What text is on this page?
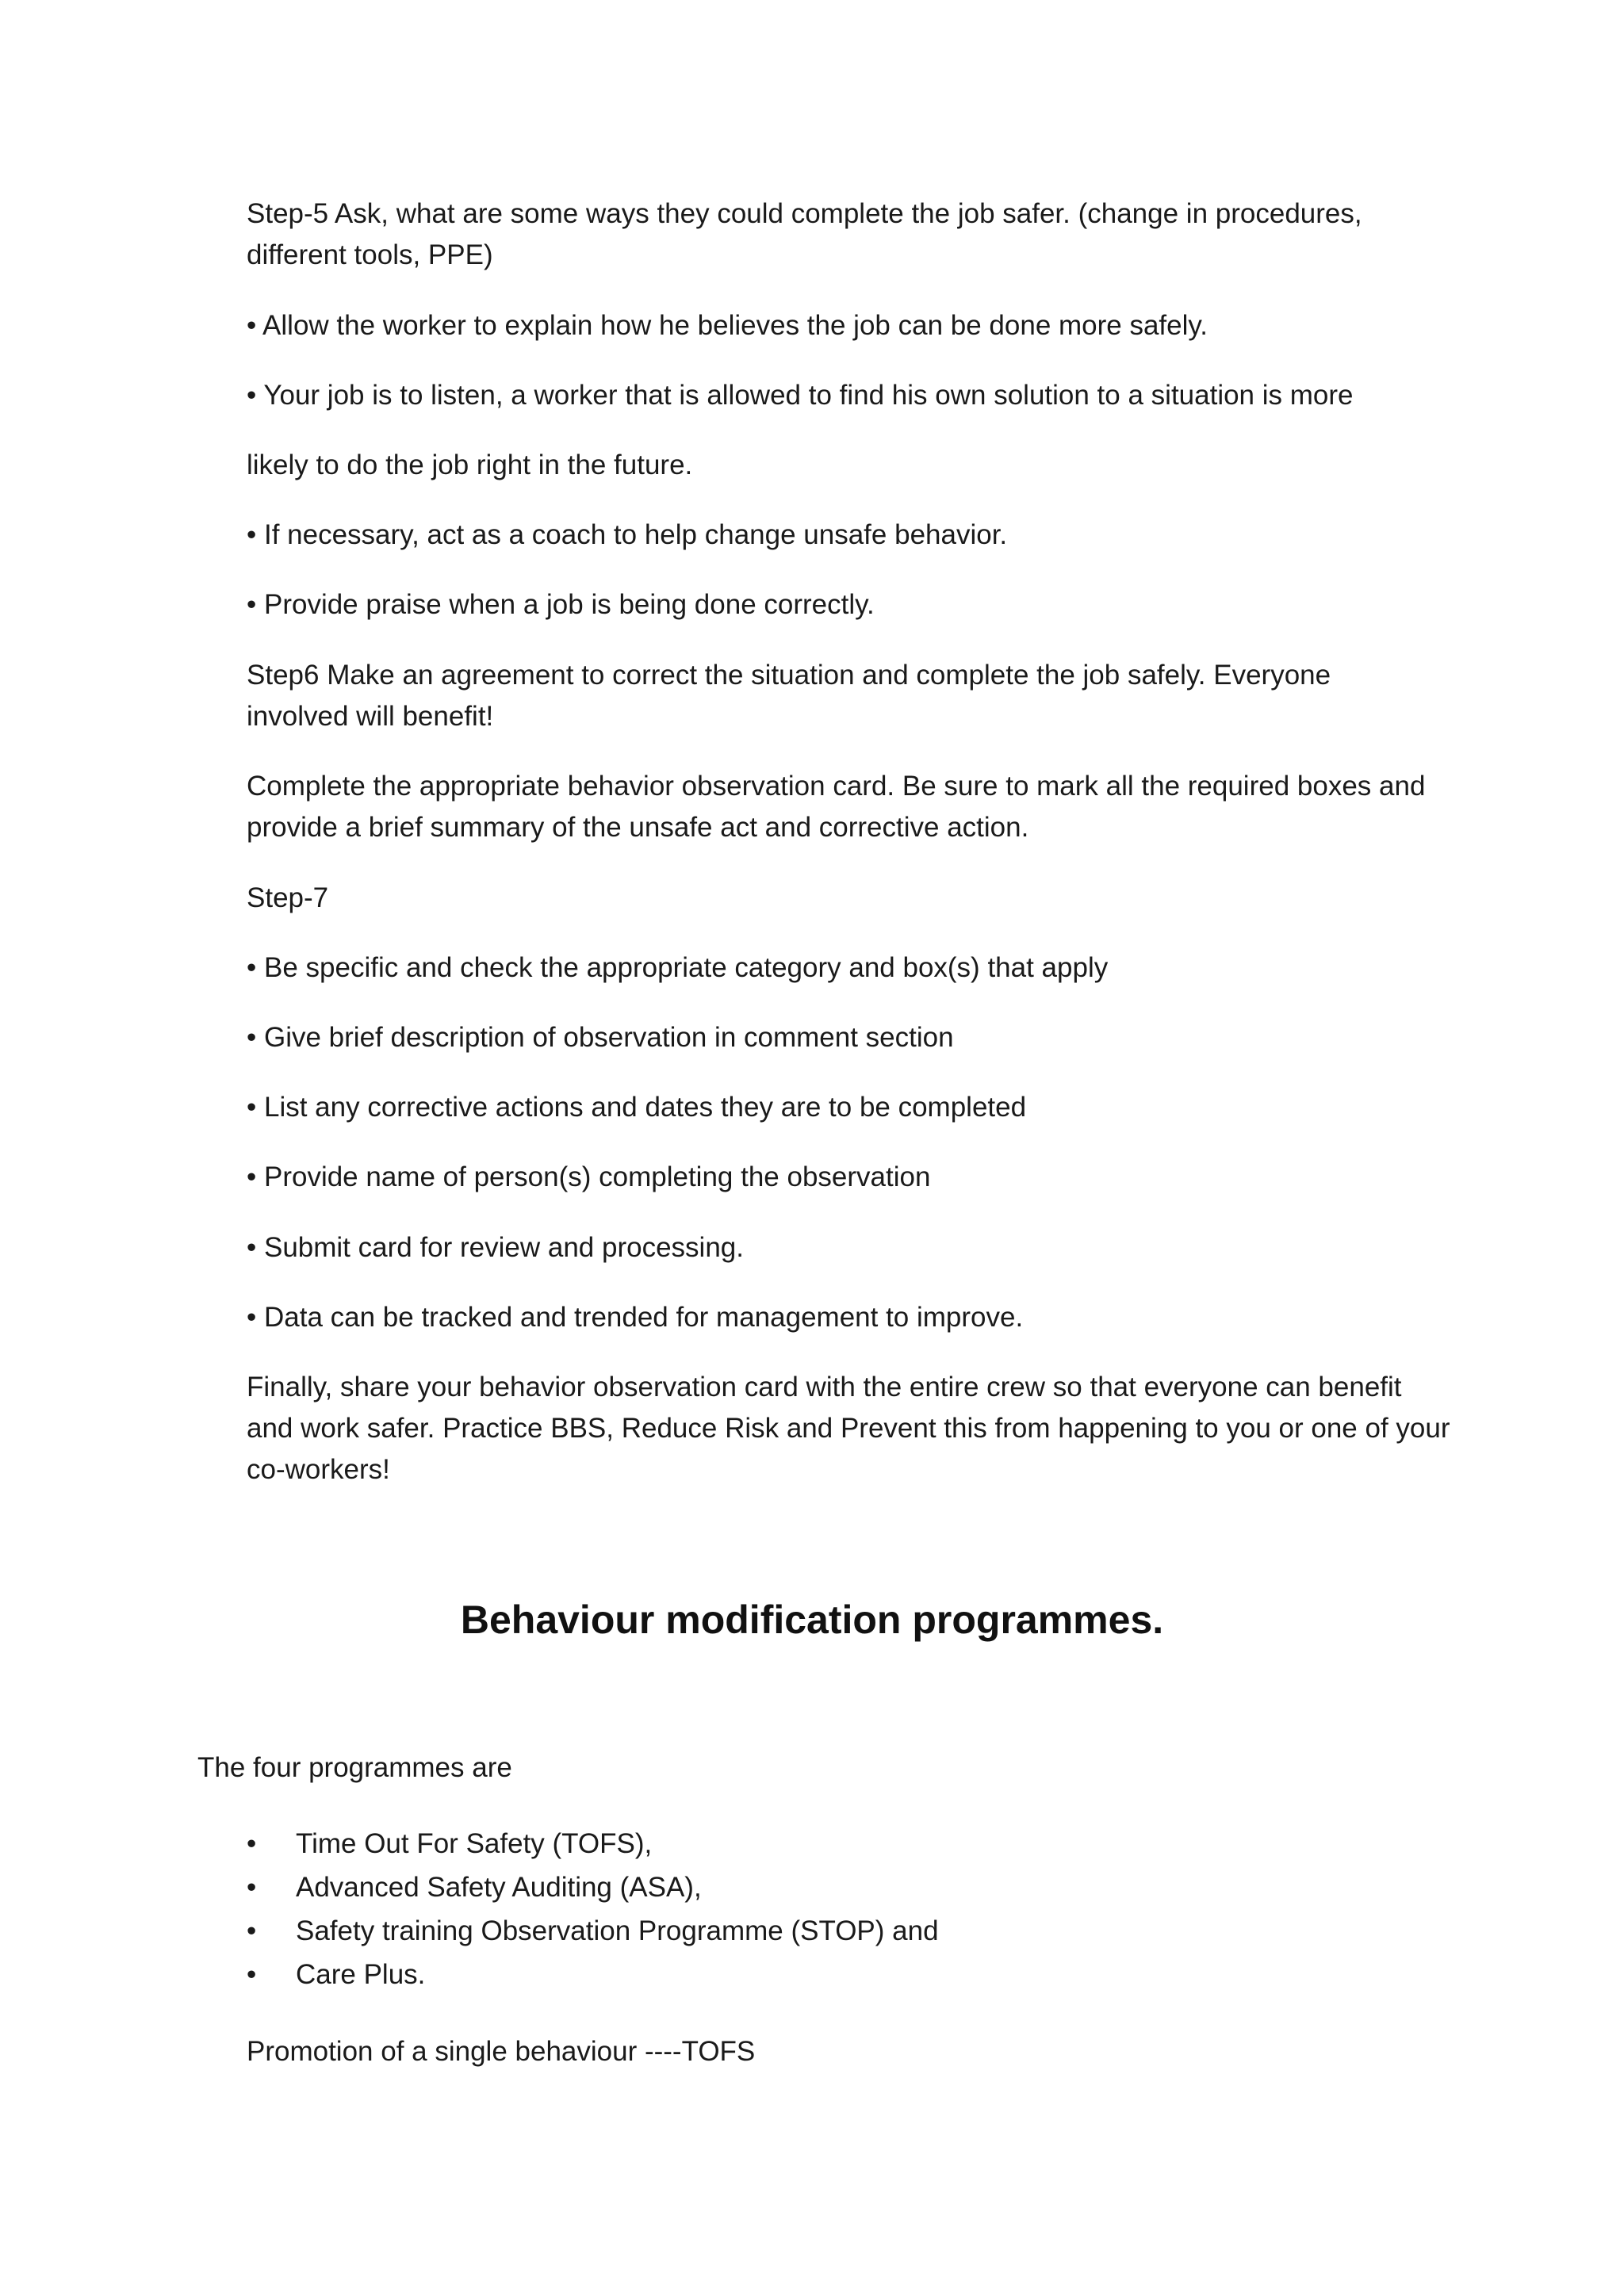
Step-5 Ask, what are some ways they could complete the job safer. (change in procedures,

different tools, PPE)

• Allow the worker to explain how he believes the job can be done more safely.

• Your job is to listen, a worker that is allowed to find his own solution to a situation is more

likely to do the job right in the future.

• If necessary, act as a coach to help change unsafe behavior.

• Provide praise when a job is being done correctly.

Step6 Make an agreement to correct the situation and complete the job safely. Everyone

involved will benefit!

Complete the appropriate behavior observation card. Be sure to mark all the required boxes and

provide a brief summary of the unsafe act and corrective action.

Step-7

• Be specific and check the appropriate category and box(s) that apply

• Give brief description of observation in comment section

• List any corrective actions and dates they are to be completed

• Provide name of person(s) completing the observation

• Submit card for review and processing.

• Data can be tracked and trended for management to improve.

Finally, share your behavior observation card with the entire crew so that everyone can benefit

and work safer. Practice BBS, Reduce Risk and Prevent this from happening to you or one of your

co-workers!

Behaviour modification programmes.

The four programmes are

•	Time Out For Safety (TOFS),
•	Advanced Safety Auditing (ASA),
•	Safety training Observation Programme (STOP) and
•	Care Plus.

Promotion of a single behaviour ----TOFS
